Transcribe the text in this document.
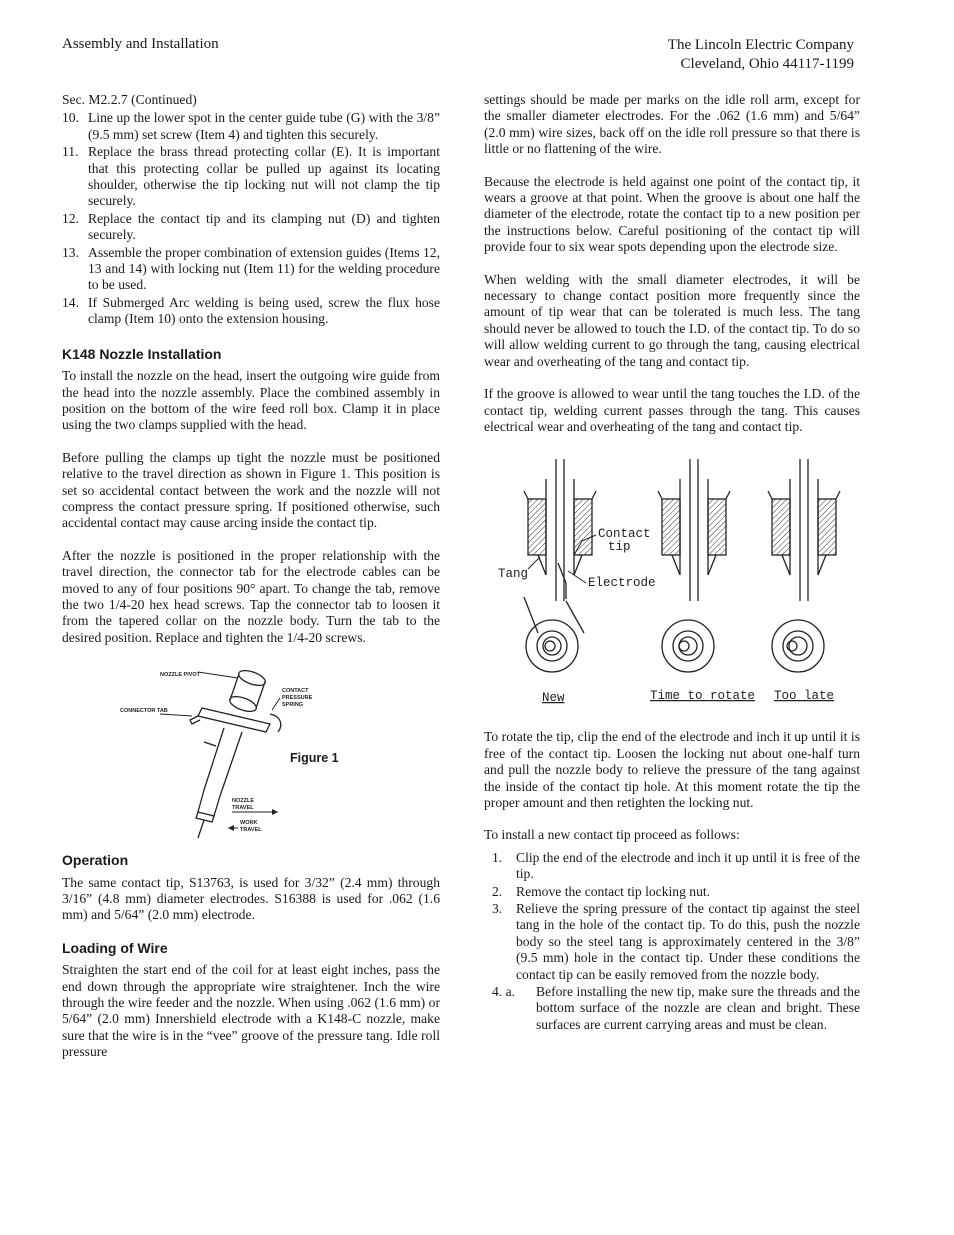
Assembly and Installation	The Lincoln Electric Company
Cleveland, Ohio 44117-1199

Sec. M2.2.7 (Continued)

10. Line up the lower spot in the center guide tube (G) with the 3/8” (9.5 mm) set screw (Item 4) and tighten this securely.
11. Replace the brass thread protecting collar (E). It is important that this protecting collar be pulled up against its locating shoulder, otherwise the tip locking nut will not clamp the tip securely.
12. Replace the contact tip and its clamping nut (D) and tighten securely.
13. Assemble the proper combination of extension guides (Items 12, 13 and 14) with locking nut (Item 11) for the welding procedure to be used.
14. If Submerged Arc welding is being used, screw the flux hose clamp (Item 10) onto the extension housing.
K148 Nozzle Installation

To install the nozzle on the head, insert the outgoing wire guide from the head into the nozzle assembly. Place the combined assembly in position on the bottom of the wire feed roll box. Clamp it in place using the two clamps supplied with the head.

Before pulling the clamps up tight the nozzle must be positioned relative to the travel direction as shown in Figure 1. This position is set so accidental contact between the work and the nozzle will not compress the contact pressure spring. If positioned otherwise, such accidental contact may cause arcing inside the contact tip.

After the nozzle is positioned in the proper relationship with the travel direction, the connector tab for the electrode cables can be moved to any of four positions 90° apart. To change the tab, remove the two 1/4-20 hex head screws. Tap the connector tab to loosen it from the tapered collar on the nozzle body. Turn the tab to the desired position. Replace and tighten the 1/4-20 screws.

NOZZLE PIVOT
CONNECTOR TAB
CONTACT
PRESSURE
SPRING
NOZZLE
TRAVEL
WORK
TRAVEL
Figure 1
Operation

The same contact tip, S13763, is used for 3/32” (2.4 mm) through 3/16” (4.8 mm) diameter electrodes. S16388 is used for .062 (1.6 mm) and 5/64” (2.0 mm) electrode.

Loading of Wire

Straighten the start end of the coil for at least eight inches, pass the end down through the appropriate wire straightener. Inch the wire through the wire feeder and the nozzle. When using .062 (1.6 mm) or 5/64” (2.0 mm) Innershield electrode with a K148-C nozzle, make sure that the wire is in the “vee” groove of the pressure tang. Idle roll pressure

settings should be made per marks on the idle roll arm, except for the smaller diameter electrodes. For the .062 (1.6 mm) and 5/64” (2.0 mm) wire sizes, back off on the idle roll pressure so that there is little or no flattening of the wire.

Because the electrode is held against one point of the contact tip, it wears a groove at that point. When the groove is about one half the diameter of the electrode, rotate the contact tip to a new position per the instructions below. Careful positioning of the contact tip will provide four to six wear spots depending upon the electrode size.

When welding with the small diameter electrodes, it will be necessary to change contact position more frequently since the amount of tip wear that can be tolerated is much less. The tang should never be allowed to touch the I.D. of the contact tip. To do so will allow welding current to go through the tang, causing electrical wear and overheating of the tang and contact tip.

If the groove is allowed to wear until the tang touches the I.D. of the contact tip, welding current passes through the tang. This causes electrical wear and overheating of the tang and contact tip.

Contact
tip
Tang
Electrode
New	Time to rotate Too late

To rotate the tip, clip the end of the electrode and inch it up until it is free of the contact tip. Loosen the locking nut about one-half turn and pull the nozzle body to relieve the pressure of the tang against the inside of the contact tip hole. At this moment rotate the tip the proper amount and then retighten the locking nut.

To install a new contact tip proceed as follows:

1.	Clip the end of the electrode and inch it up until it is free of the tip.
2.	Remove the contact tip locking nut.
3.	Relieve the spring pressure of the contact tip against the steel tang in the hole of the contact tip. To do this, push the nozzle body so the steel tang is approximately centered in the 3/8” (9.5 mm) hole in the contact tip. Under these conditions the contact tip can be easily removed from the nozzle body.
4. a.	Before installing the new tip, make sure the threads and the bottom surface of the nozzle are clean and bright. These surfaces are current carrying areas and must be clean.
